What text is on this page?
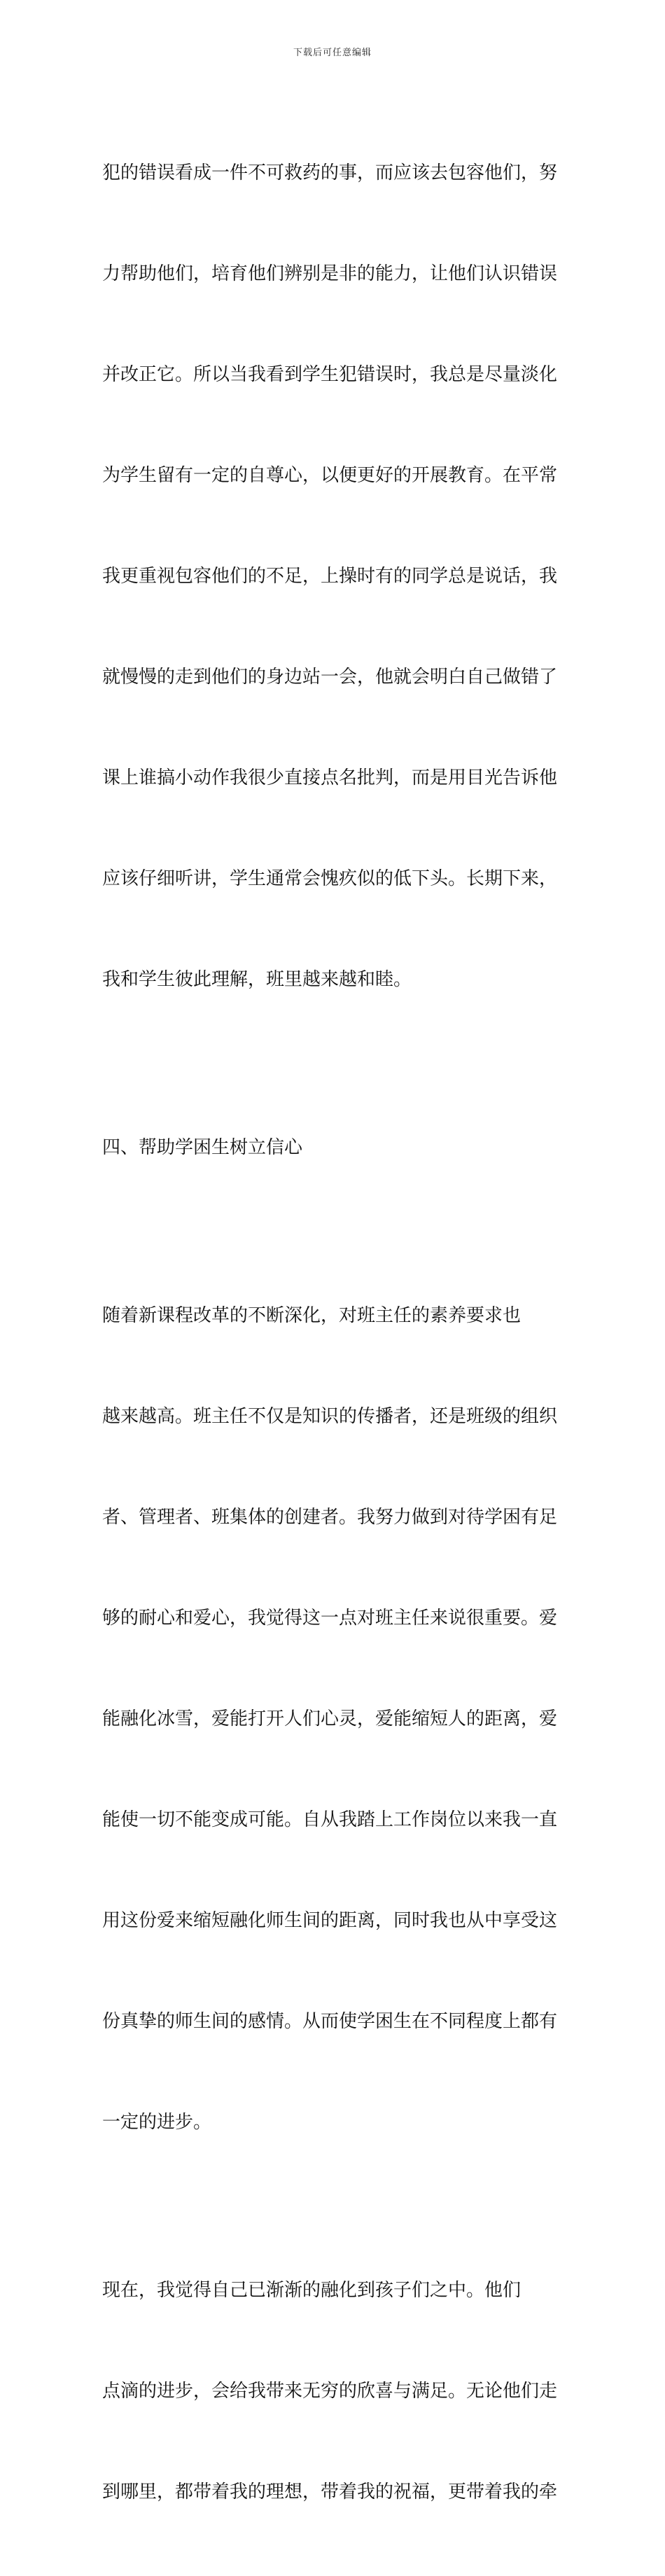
下载后可任意编辑

犯的错误看成一件不可救药的事，而应该去包容他们，努

力帮助他们，培育他们辨别是非的能力，让他们认识错误

并改正它。所以当我看到学生犯错误时，我总是尽量淡化

为学生留有一定的自尊心，以便更好的开展教育。在平常

我更重视包容他们的不足，上操时有的同学总是说话，我

就慢慢的走到他们的身边站一会，他就会明白自己做错了

课上谁搞小动作我很少直接点名批判，而是用目光告诉他

应该仔细听讲，学生通常会愧疚似的低下头。长期下来，

我和学生彼此理解，班里越来越和睦。

四、帮助学困生树立信心

随着新课程改革的不断深化，对班主任的素养要求也

越来越高。班主任不仅是知识的传播者，还是班级的组织

者、管理者、班集体的创建者。我努力做到对待学困有足

够的耐心和爱心，我觉得这一点对班主任来说很重要。爱

能融化冰雪，爱能打开人们心灵，爱能缩短人的距离，爱

能使一切不能变成可能。自从我踏上工作岗位以来我一直

用这份爱来缩短融化师生间的距离，同时我也从中享受这

份真挚的师生间的感情。从而使学困生在不同程度上都有

一定的进步。

现在，我觉得自己已渐渐的融化到孩子们之中。他们

点滴的进步，会给我带来无穷的欣喜与满足。无论他们走

到哪里，都带着我的理想，带着我的祝福，更带着我的牵
